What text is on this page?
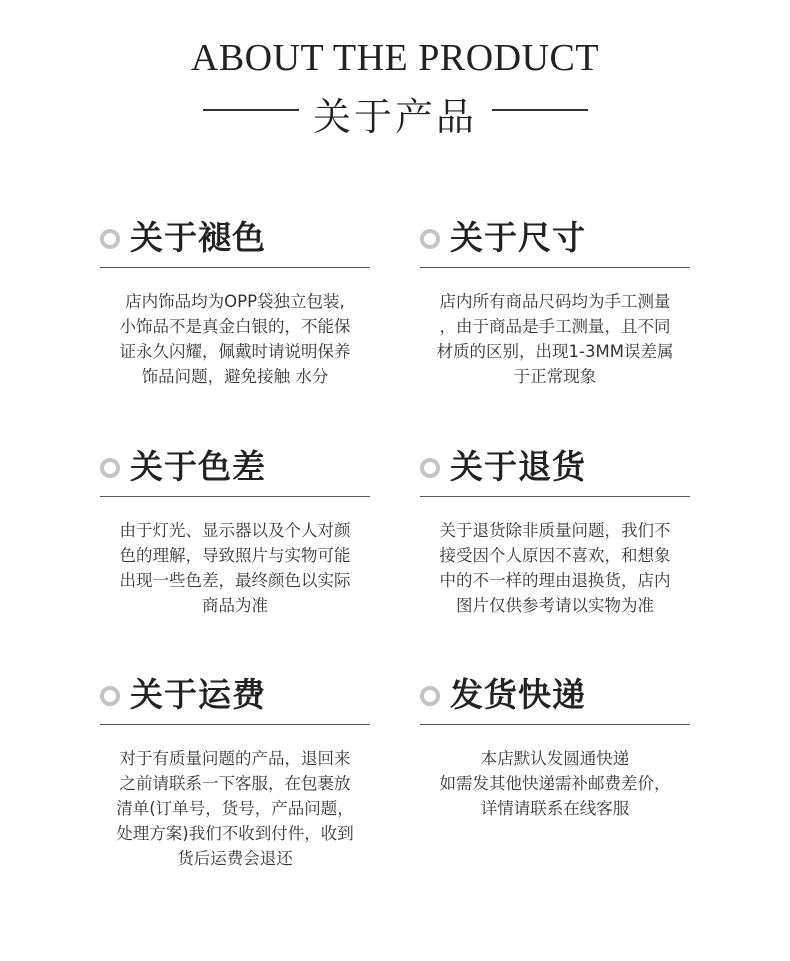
ABOUT THE PRODUCT
关于产品
关于褪色
店内饰品均为OPP袋独立包装,
小饰品不是真金白银的，不能保
证永久闪耀，佩戴时请说明保养
饰品问题，避免接触 水分
关于尺寸
店内所有商品尺码均为手工测量
，由于商品是手工测量，且不同
材质的区别，出现1-3MM误差属
于正常现象
关于色差
由于灯光、显示器以及个人对颜
色的理解，导致照片与实物可能
出现一些色差，最终颜色以实际
商品为准
关于退货
关于退货除非质量问题，我们不
接受因个人原因不喜欢，和想象
中的不一样的理由退换货，店内
图片仅供参考请以实物为准
关于运费
对于有质量问题的产品，退回来
之前请联系一下客服，在包裹放
清单(订单号，货号，产品问题，
处理方案)我们不收到付件，收到
货后运费会退还
发货快递
本店默认发圆通快递
如需发其他快递需补邮费差价，
详情请联系在线客服
